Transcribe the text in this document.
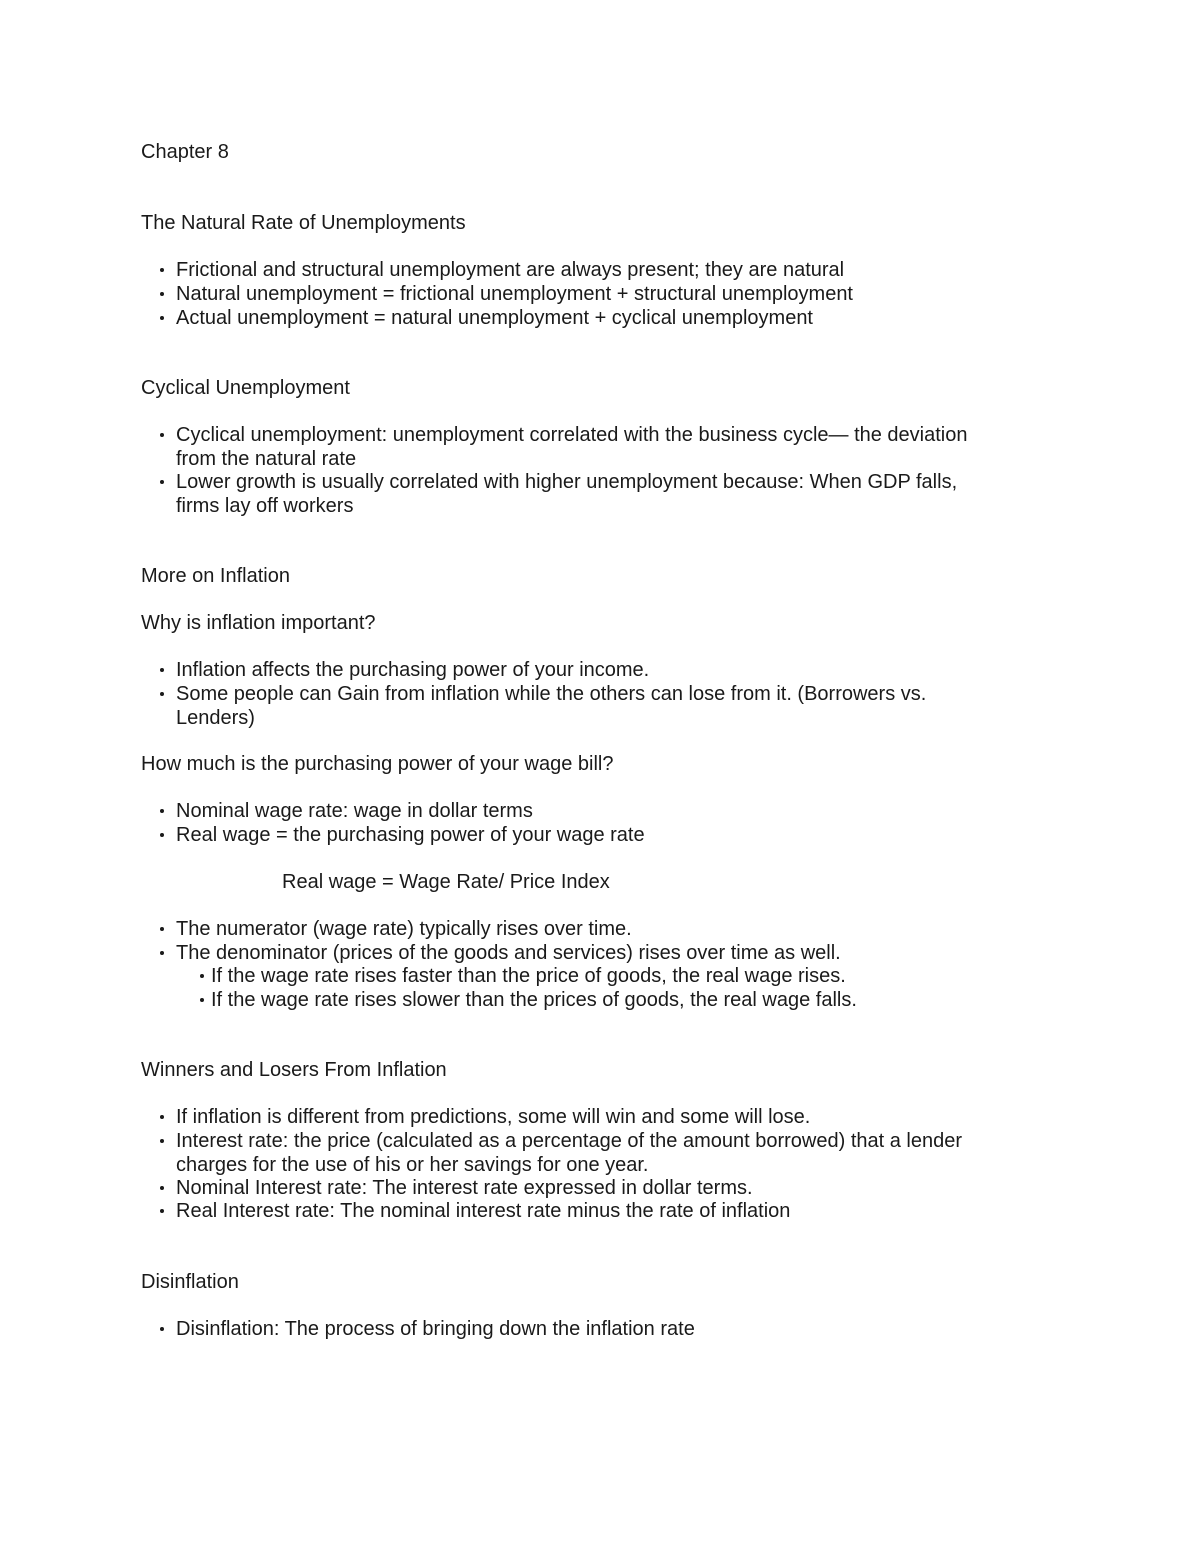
Chapter 8
The Natural Rate of Unemployments
Frictional and structural unemployment are always present; they are natural
Natural unemployment = frictional unemployment + structural unemployment
Actual unemployment = natural unemployment + cyclical unemployment
Cyclical Unemployment
Cyclical unemployment: unemployment correlated with the business cycle— the deviation
from the natural rate
Lower growth is usually correlated with higher unemployment because: When GDP falls,
firms lay off workers
More on Inflation
Why is inflation important?
Inflation affects the purchasing power of your income.
Some people can Gain from inflation while the others can lose from it. (Borrowers vs.
Lenders)
How much is the purchasing power of your wage bill?
Nominal wage rate: wage in dollar terms
Real wage = the purchasing power of your wage rate
Real wage = Wage Rate/ Price Index
The numerator (wage rate) typically rises over time.
The denominator (prices of the goods and services) rises over time as well.
If the wage rate rises faster than the price of goods, the real wage rises.
If the wage rate rises slower than the prices of goods, the real wage falls.
Winners and Losers From Inflation
If inflation is different from predictions, some will win and some will lose.
Interest rate: the price (calculated as a percentage of the amount borrowed) that a lender
charges for the use of his or her savings for one year.
Nominal Interest rate: The interest rate expressed in dollar terms.
Real Interest rate: The nominal interest rate minus the rate of inflation
Disinflation
Disinflation: The process of bringing down the inflation rate
